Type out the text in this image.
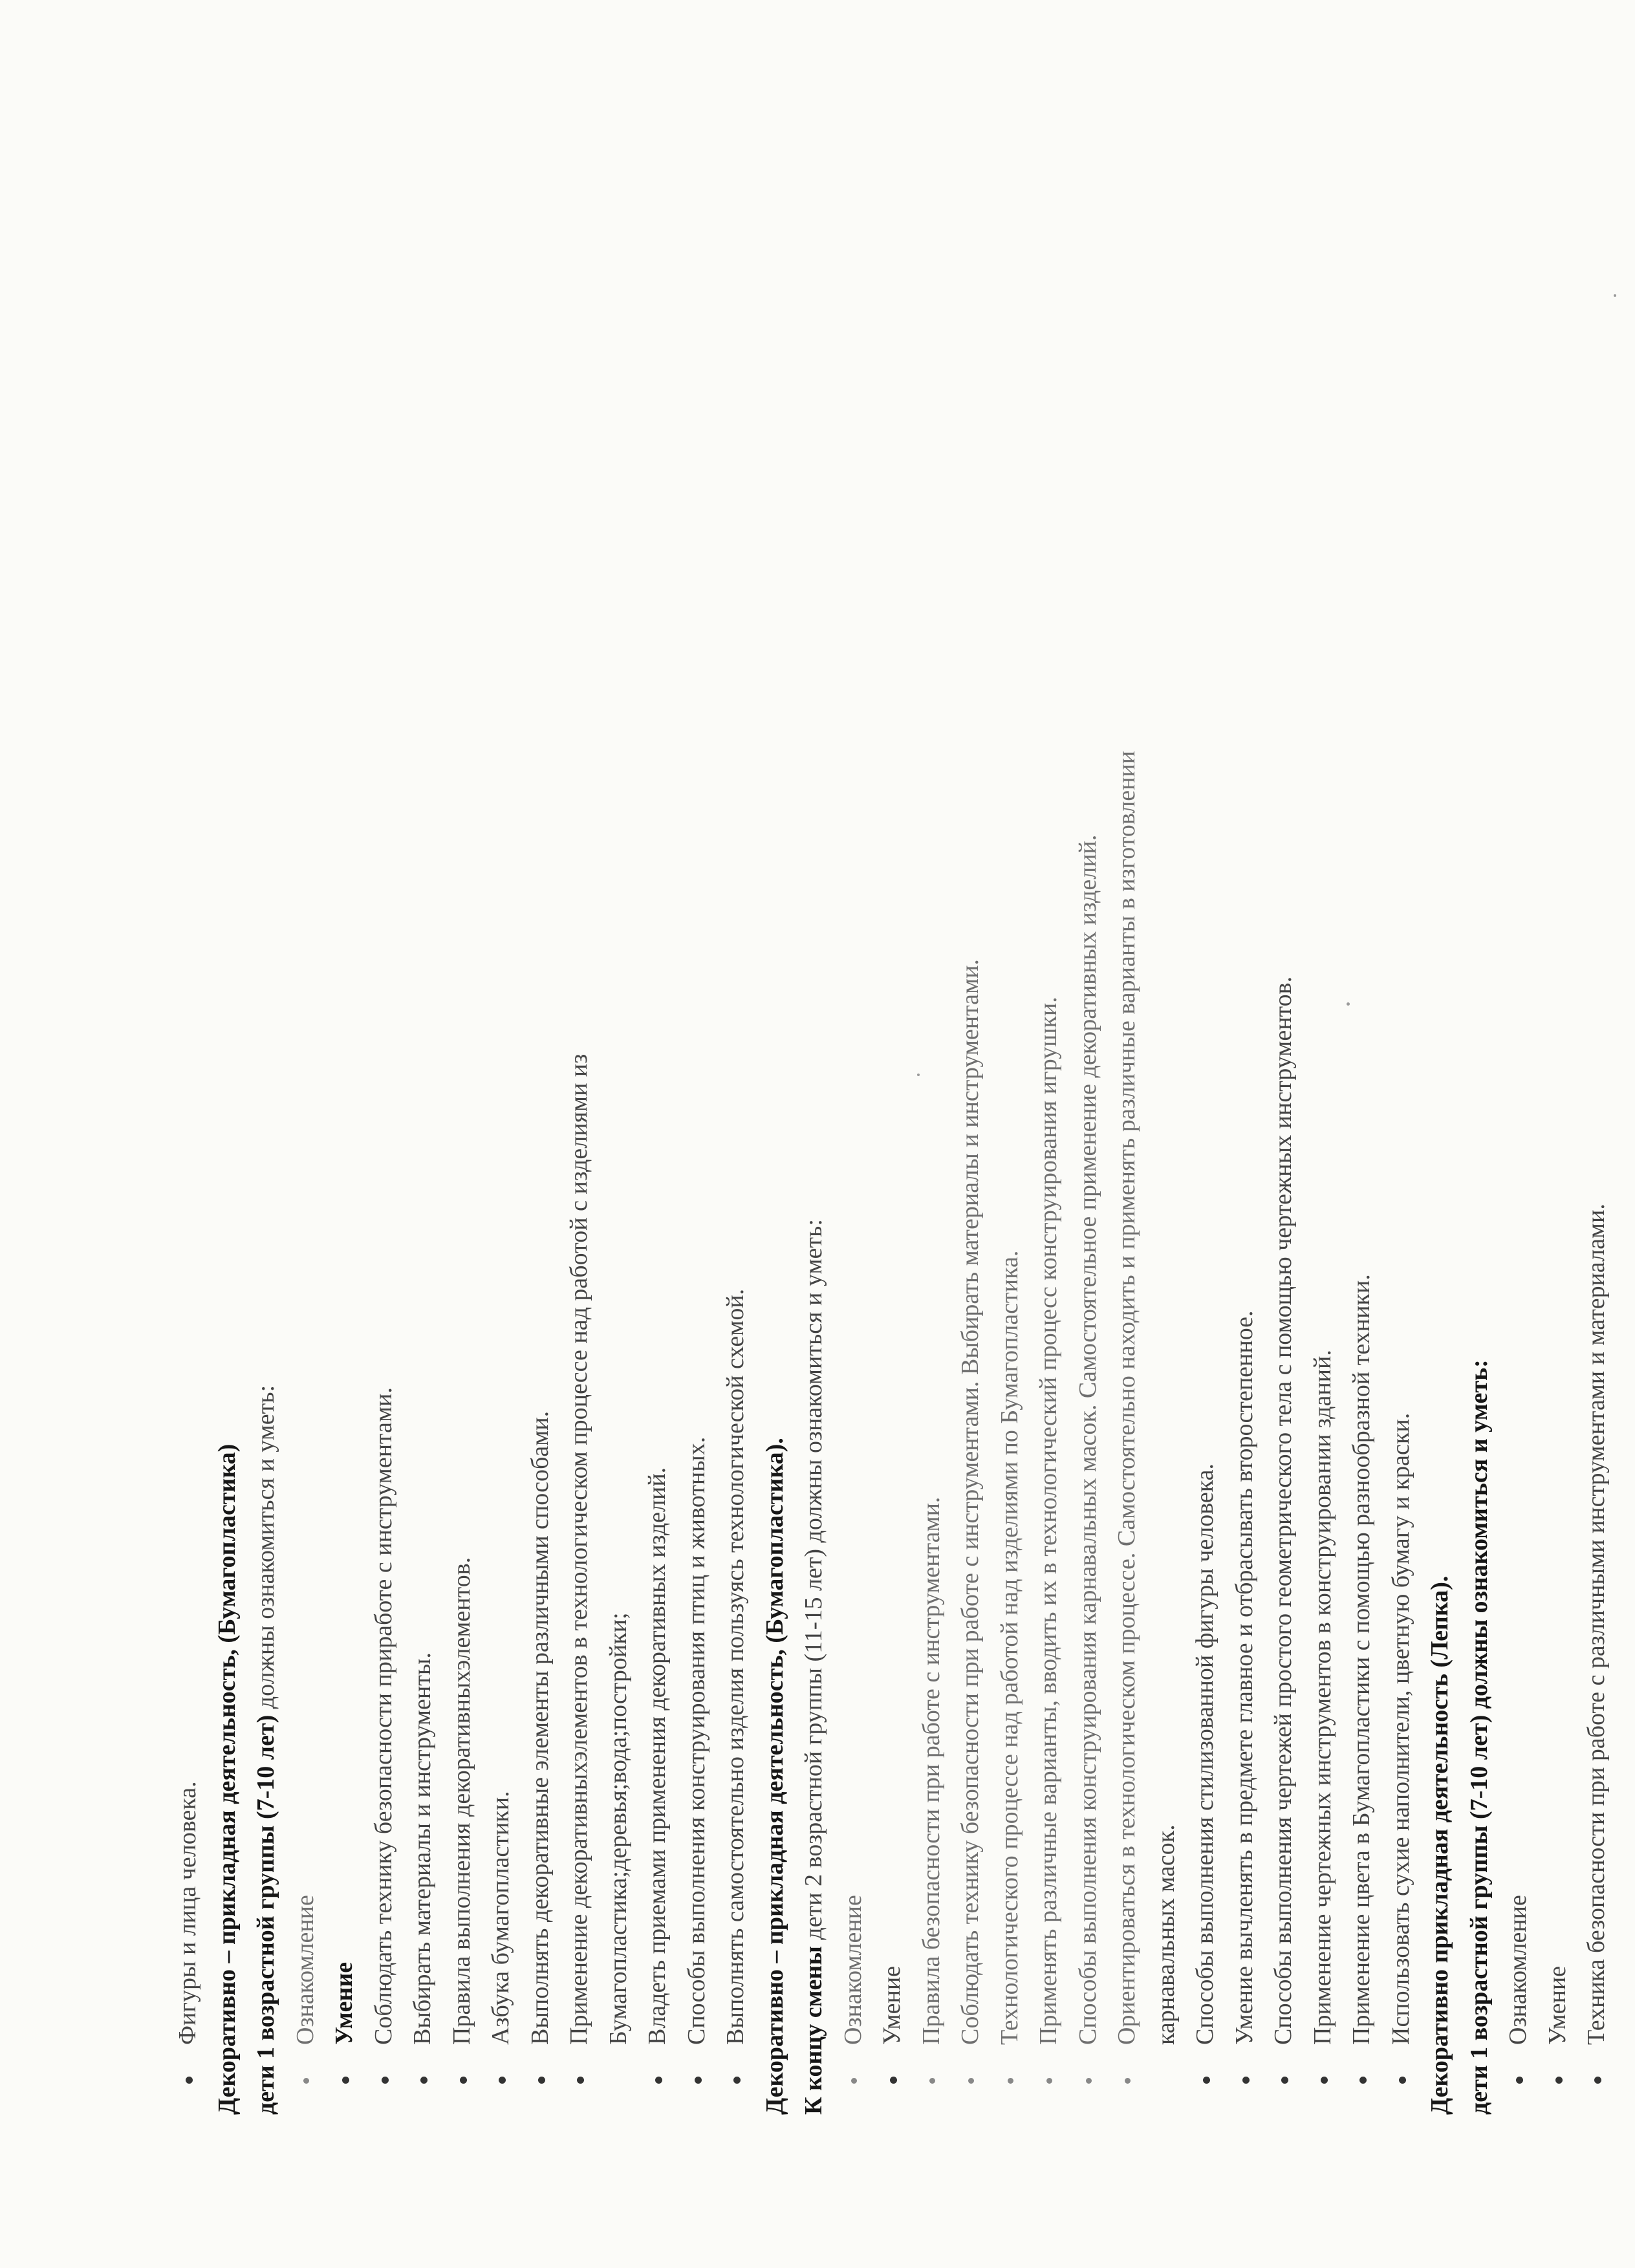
Фигуры и лица человека. Декоративно – прикладная деятельность, (Бумагопластика) дети 1 возрастной группы (7-10 лет) должны ознакомиться и уметь:
Ознакомление Умение Соблюдать технику безопасности приработе с инструментами. Выбирать материалы и инструменты. Правила выполнения декоративныхэлементов. Азбука бумагопластики. Выполнять декоративные элементы различными способами. Применение декоративныхэлементов в технологическом процессе над работой с изделиями из Бумагопластика;деревья;вода;постройки; Владеть приемами применения декоративных изделий. Способы выполнения конструирования птиц и животных. Выполнять самостоятельно изделия пользуясь технологической схемой. Декоративно – прикладная деятельность, (Бумагопластика). К концу смены дети 2 возрастной группы (11-15 лет) должны ознакомиться и уметь:
Ознакомление Умение Правила безопасности при работе с инструментами. Соблюдать технику безопасности при работе с инструментами. Выбирать материалы и инструментами. Технологического процессе над работой над изделиями по Бумагопластика. Применять различные варианты, вводить их в технологический процесс конструирования игрушки. Способы выполнения конструирования карнавальных масок. Самостоятельное применение декоративных изделий. Ориентироваться в технологическом процессе. Самостоятельно находить и применять различные варианты в изготовлении карнавальных масок. Способы выполнения стилизованной фигуры человека. Умение вычленять в предмете главное и отбрасывать второстепенное. Способы выполнения чертежей простого геометрического тела с помощью чертежных инструментов. Применение чертежных инструментов в конструировании зданий. Применение цвета в Бумагопластики с помощью разнообразной техники. Использовать сухие наполнители, цветную бумагу и краски. Декоративно прикладная деятельность (Лепка). дети 1 возрастной группы (7-10 лет) должны ознакомиться и уметь: Ознакомление Умение Техника безопасности при работе с различными инструментами и материалами.
